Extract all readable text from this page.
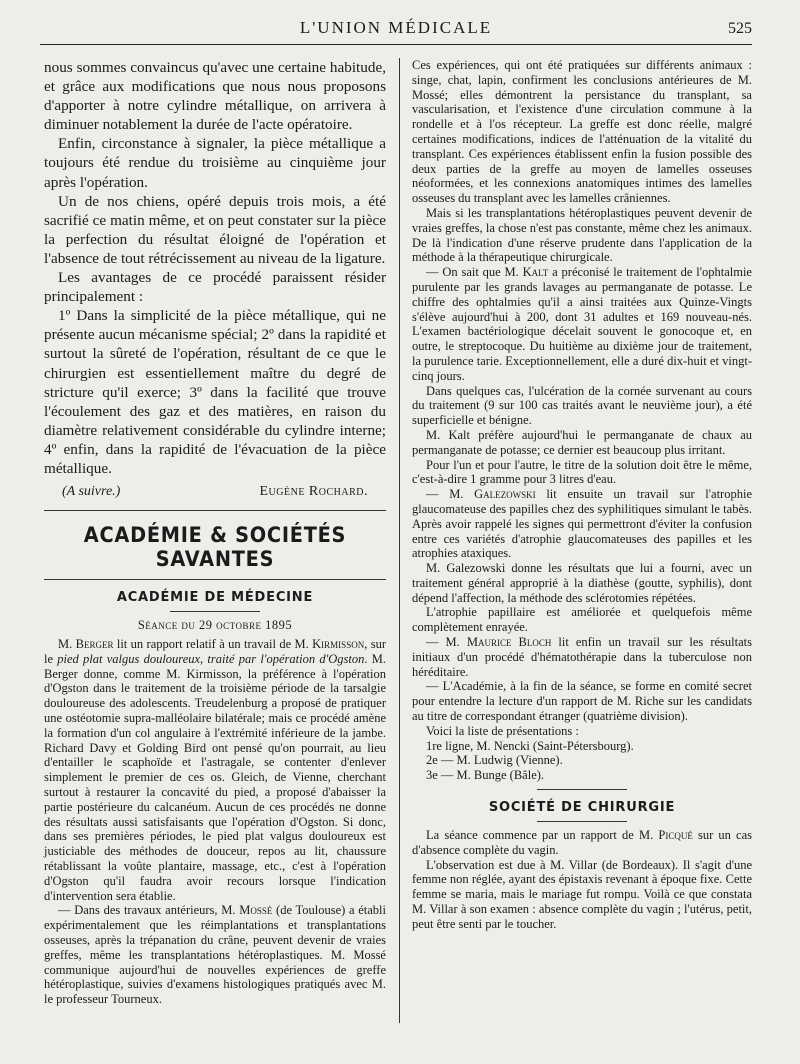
L'UNION MÉDICALE	525

nous sommes convaincus qu'avec une certaine habitude, et grâce aux modifications que nous nous proposons d'apporter à notre cylindre métallique, on arrivera à diminuer notablement la durée de l'acte opératoire.

Enfin, circonstance à signaler, la pièce métallique a toujours été rendue du troisième au cinquième jour après l'opération.

Un de nos chiens, opéré depuis trois mois, a été sacrifié ce matin même, et on peut constater sur la pièce la perfection du résultat éloigné de l'opération et l'absence de tout rétrécissement au niveau de la ligature.

Les avantages de ce procédé paraissent résider principalement :

1º Dans la simplicité de la pièce métallique, qui ne présente aucun mécanisme spécial; 2º dans la rapidité et surtout la sûreté de l'opération, résultant de ce que le chirurgien est essentiellement maître du degré de stricture qu'il exerce; 3º dans la facilité que trouve l'écoulement des gaz et des matières, en raison du diamètre relativement considérable du cylindre interne; 4º enfin, dans la rapidité de l'évacuation de la pièce métallique.

(A suivre.)	Eugène Rochard.
ACADÉMIE & SOCIÉTÉS SAVANTES
ACADÉMIE DE MÉDECINE
Séance du 29 octobre 1895

M. Berger lit un rapport relatif à un travail de M. Kirmisson, sur le pied plat valgus douloureux, traité par l'opération d'Ogston. M. Berger donne, comme M. Kirmisson, la préférence à l'opération d'Ogston dans le traitement de la troisième période de la tarsalgie douloureuse des adolescents. Treudelenburg a proposé de pratiquer une ostéotomie supra-malléolaire bilatérale; mais ce procédé amène la formation d'un col angulaire à l'extrémité inférieure de la jambe. Richard Davy et Golding Bird ont pensé qu'on pourrait, au lieu d'entailler le scaphoïde et l'astragale, se contenter d'enlever simplement le premier de ces os. Gleich, de Vienne, cherchant surtout à restaurer la concavité du pied, a proposé d'abaisser la partie postérieure du calcanéum. Aucun de ces procédés ne donne des résultats aussi satisfaisants que l'opération d'Ogston. Si donc, dans ses premières périodes, le pied plat valgus douloureux est justiciable des méthodes de douceur, repos au lit, chaussure rétablissant la voûte plantaire, massage, etc., c'est à l'opération d'Ogston qu'il faudra avoir recours lorsque l'indication d'intervention sera établie.

— Dans des travaux antérieurs, M. Mossé (de Toulouse) a établi expérimentalement que les réimplantations et transplantations osseuses, après la trépanation du crâne, peuvent devenir de vraies greffes, même les transplantations hétéroplastiques. M. Mossé communique aujourd'hui de nouvelles expériences de greffe hétéroplastique, suivies d'examens histologiques pratiqués avec M. le professeur Tourneux.

Ces expériences, qui ont été pratiquées sur différents animaux : singe, chat, lapin, confirment les conclusions antérieures de M. Mossé; elles démontrent la persistance du transplant, sa vascularisation, et l'existence d'une circulation commune à la rondelle et à l'os récepteur. La greffe est donc réelle, malgré certaines modifications, indices de l'atténuation de la vitalité du transplant. Ces expériences établissent enfin la fusion possible des deux parties de la greffe au moyen de lamelles osseuses néoformées, et les connexions anatomiques intimes des lamelles osseuses du transplant avec les lamelles crâniennes.

Mais si les transplantations hétéroplastiques peuvent devenir de vraies greffes, la chose n'est pas constante, même chez les animaux. De là l'indication d'une réserve prudente dans l'application de la méthode à la thérapeutique chirurgicale.

— On sait que M. Kalt a préconisé le traitement de l'ophtalmie purulente par les grands lavages au permanganate de potasse. Le chiffre des ophtalmies qu'il a ainsi traitées aux Quinze-Vingts s'élève aujourd'hui à 200, dont 31 adultes et 169 nouveau-nés. L'examen bactériologique décelait souvent le gonocoque et, en outre, le streptocoque. Du huitième au dixième jour de traitement, la purulence tarie. Exceptionnellement, elle a duré dix-huit et vingt-cinq jours.

Dans quelques cas, l'ulcération de la cornée survenant au cours du traitement (9 sur 100 cas traités avant le neuvième jour), a été superficielle et bénigne.

M. Kalt préfère aujourd'hui le permanganate de chaux au permanganate de potasse; ce dernier est beaucoup plus irritant.

Pour l'un et pour l'autre, le titre de la solution doit être le même, c'est-à-dire 1 gramme pour 3 litres d'eau.

— M. Galezowski lit ensuite un travail sur l'atrophie glaucomateuse des papilles chez des syphilitiques simulant le tabès. Après avoir rappelé les signes qui permettront d'éviter la confusion entre ces variétés d'atrophie glaucomateuses des papilles et les atrophies ataxiques.

M. Galezowski donne les résultats que lui a fourni, avec un traitement général approprié à la diathèse (goutte, syphilis), dont dépend l'affection, la méthode des sclérotomies répétées.

L'atrophie papillaire est améliorée et quelquefois même complètement enrayée.

— M. Maurice Bloch lit enfin un travail sur les résultats initiaux d'un procédé d'hématothérapie dans la tuberculose non héréditaire.

— L'Académie, à la fin de la séance, se forme en comité secret pour entendre la lecture d'un rapport de M. Riche sur les candidats au titre de correspondant étranger (quatrième division).

Voici la liste de présentations :

1re ligne, M. Nencki (Saint-Pétersbourg).
2e — M. Ludwig (Vienne).
3e — M. Bunge (Bâle).
SOCIÉTÉ DE CHIRURGIE

La séance commence par un rapport de M. Picqué sur un cas d'absence complète du vagin.

L'observation est due à M. Villar (de Bordeaux). Il s'agit d'une femme non réglée, ayant des épistaxis revenant à époque fixe. Cette femme se maria, mais le mariage fut rompu. Voilà ce que constata M. Villar à son examen : absence complète du vagin ; l'utérus, petit, peut être senti par le toucher.
